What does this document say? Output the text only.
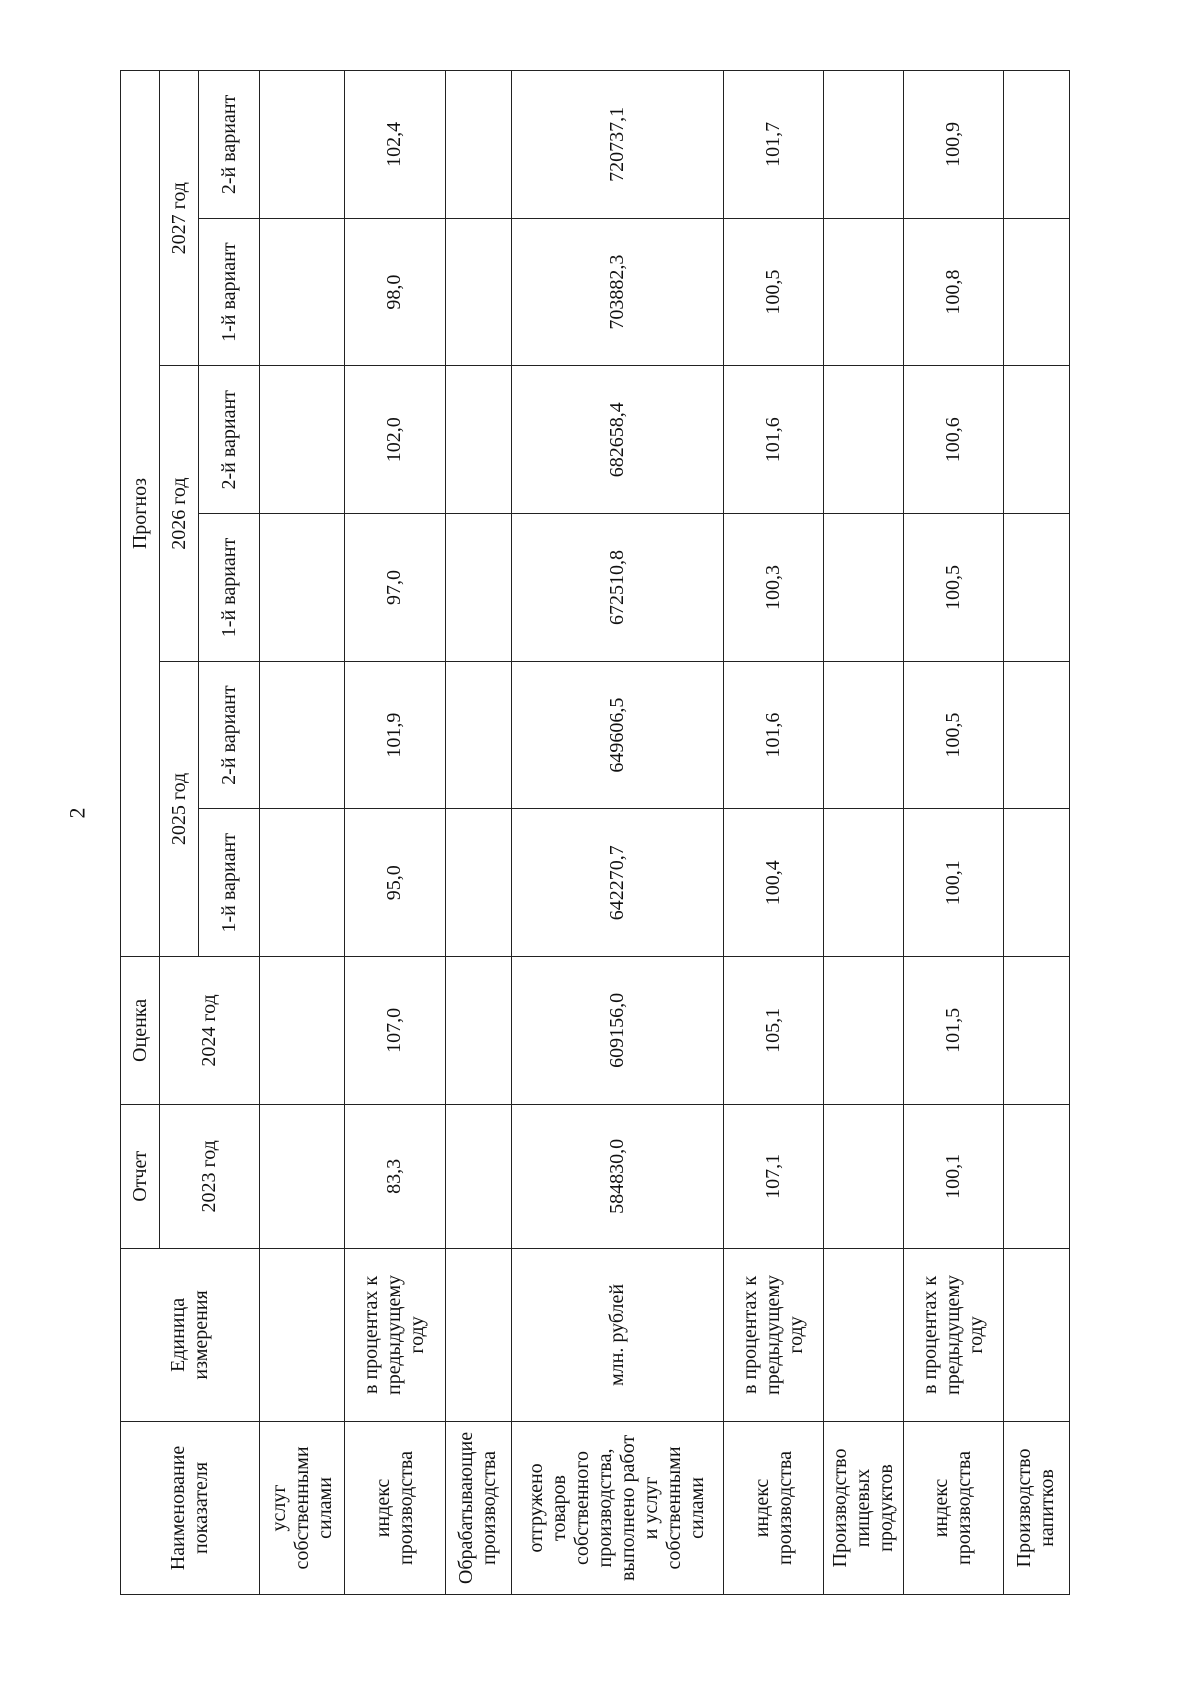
2
Наименование показателя	Единица измерения	Отчет	Оценка	Прогноз					
		2023 год	2024 год	2025 год		2026 год		2027 год	
				1-й вариант	2-й вариант	1-й вариант	2-й вариант	1-й вариант	2-й вариант
услуг собственными силами									
индекс производства	в процентах к предыдущему году	83,3	107,0	95,0	101,9	97,0	102,0	98,0	102,4
Обрабатывающие производства									
отгружено товаров собственного производства, выполнено работ и услуг собственными силами	млн. рублей	584830,0	609156,0	642270,7	649606,5	672510,8	682658,4	703882,3	720737,1
индекс производства	в процентах к предыдущему году	107,1	105,1	100,4	101,6	100,3	101,6	100,5	101,7
Производство пищевых продуктов									
индекс производства	в процентах к предыдущему году	100,1	101,5	100,1	100,5	100,5	100,6	100,8	100,9
Производство напитков									
